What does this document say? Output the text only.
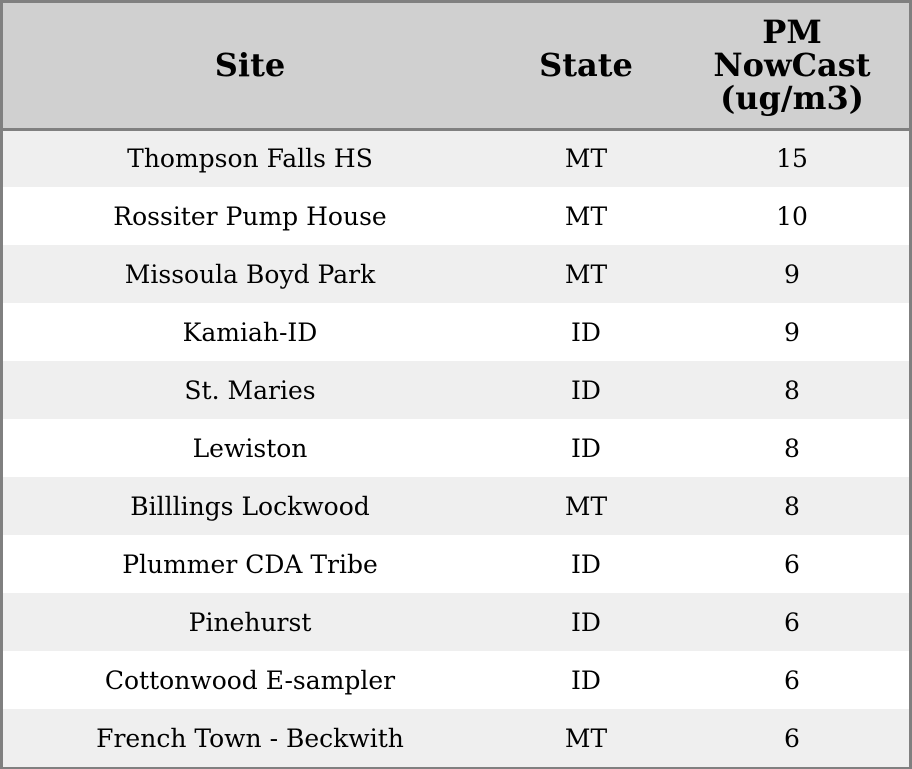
Site	State	PM
NowCast
(ug/m3)
Thompson Falls HS	MT	15
Rossiter Pump House	MT	10
Missoula Boyd Park	MT	9
Kamiah-ID	ID	9
St. Maries	ID	8
Lewiston	ID	8
Billlings Lockwood	MT	8
Plummer CDA Tribe	ID	6
Pinehurst	ID	6
Cottonwood E-sampler	ID	6
French Town - Beckwith	MT	6
